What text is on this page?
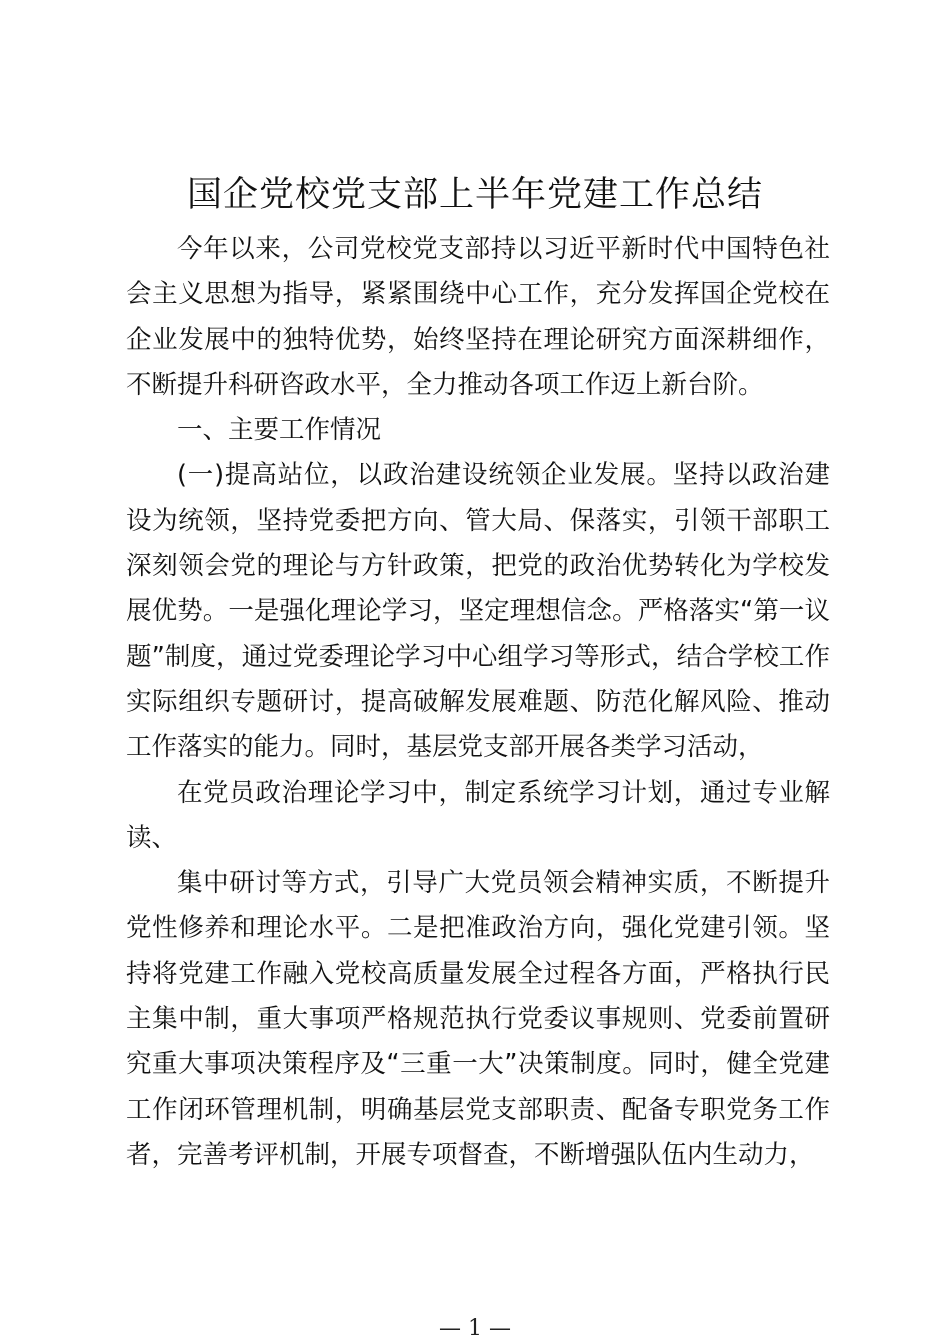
国企党校党支部上半年党建工作总结

今年以来，公司党校党支部持以习近平新时代中国特色社会主义思想为指导，紧紧围绕中心工作，充分发挥国企党校在企业发展中的独特优势，始终坚持在理论研究方面深耕细作，不断提升科研咨政水平，全力推动各项工作迈上新台阶。

一、主要工作情况

(一)提高站位，以政治建设统领企业发展。坚持以政治建设为统领，坚持党委把方向、管大局、保落实，引领干部职工深刻领会党的理论与方针政策，把党的政治优势转化为学校发展优势。一是强化理论学习，坚定理想信念。严格落实“第一议题”制度，通过党委理论学习中心组学习等形式，结合学校工作实际组织专题研讨，提高破解发展难题、防范化解风险、推动工作落实的能力。同时，基层党支部开展各类学习活动，

在党员政治理论学习中，制定系统学习计划，通过专业解读、

集中研讨等方式，引导广大党员领会精神实质，不断提升党性修养和理论水平。二是把准政治方向，强化党建引领。坚持将党建工作融入党校高质量发展全过程各方面，严格执行民主集中制，重大事项严格规范执行党委议事规则、党委前置研究重大事项决策程序及“三重一大”决策制度。同时，健全党建工作闭环管理机制，明确基层党支部职责、配备专职党务工作者，完善考评机制，开展专项督查，不断增强队伍内生动力，

— 1 —
